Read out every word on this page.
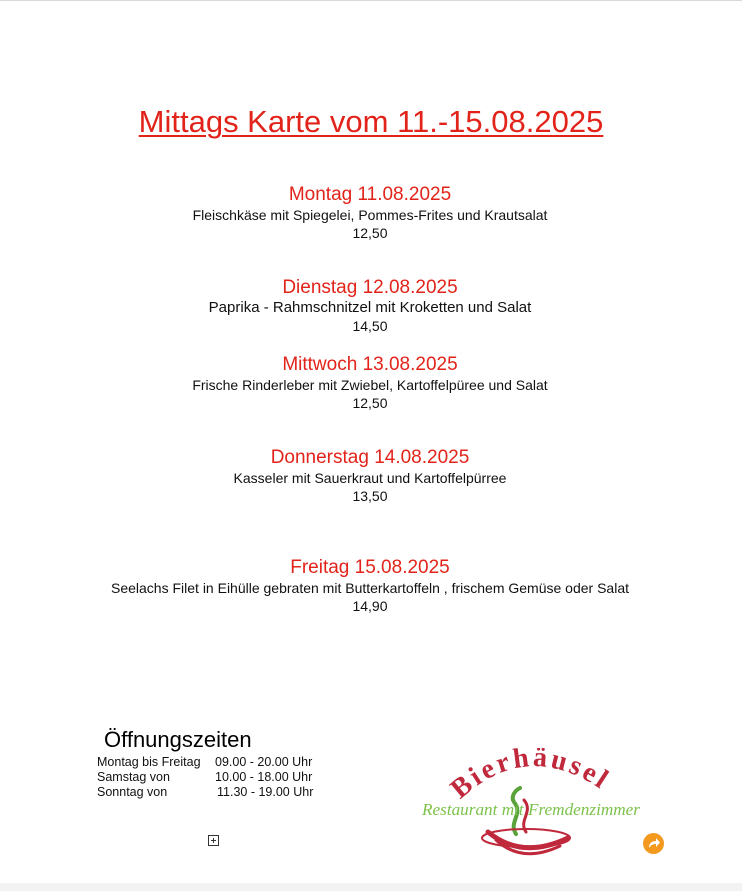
Mittags Karte vom 11.-15.08.2025
Montag 11.08.2025
Fleischkäse mit Spiegelei, Pommes-Frites und Krautsalat
12,50
Dienstag 12.08.2025
Paprika - Rahmschnitzel mit Kroketten und Salat
14,50
Mittwoch 13.08.2025
Frische Rinderleber mit Zwiebel, Kartoffelpüree und Salat
12,50
Donnerstag 14.08.2025
Kasseler mit Sauerkraut und Kartoffelpürree
13,50
Freitag 15.08.2025
Seelachs Filet in Eihülle gebraten mit Butterkartoffeln , frischem Gemüse oder Salat
14,90
Öffnungszeiten
Montag bis Freitag 09.00 - 20.00 Uhr
Samstag von	10.00 - 18.00 Uhr
Sonntag von	11.30 - 19.00 Uhr	Bierhäusel
Restaurant mit Fremdenzimmer
